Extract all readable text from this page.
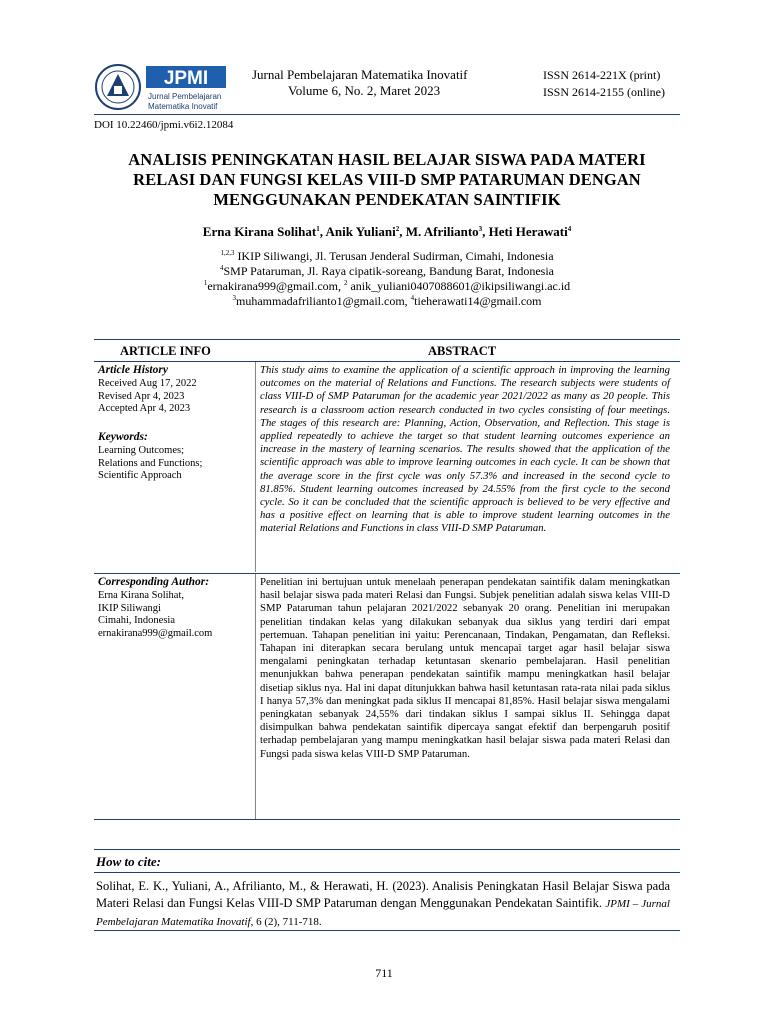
JPMI
Jurnal Pembelajaran
Matematika Inovatif
Jurnal Pembelajaran Matematika Inovatif
Volume 6, No. 2, Maret 2023
ISSN 2614-221X (print)
ISSN 2614-2155 (online)
DOI 10.22460/jpmi.v6i2.12084
ANALISIS PENINGKATAN HASIL BELAJAR SISWA PADA MATERI
RELASI DAN FUNGSI KELAS VIII-D SMP PATARUMAN DENGAN
MENGGUNAKAN PENDEKATAN SAINTIFIK
Erna Kirana Solihat$^1$, Anik Yuliani$^2$, M. Afrilianto$^3$, Heti Herawati$^4$
$^{1,2,3}$ IKIP Siliwangi, Jl. Terusan Jenderal Sudirman, Cimahi, Indonesia
$^4$SMP Pataruman, Jl. Raya cipatik-soreang, Bandung Barat, Indonesia
$^1$ernakirana999@gmail.com, $^2$ anik_yuliani0407088601@ikipsiliwangi.ac.id
$^3$muhammadafrilianto1@gmail.com, $^4$tieherawati14@gmail.com
ARTICLE INFO	ABSTRACT
Article History
Received Aug 17, 2022
Revised Apr 4, 2023
Accepted Apr 4, 2023
Keywords:
Learning Outcomes;
Relations and Functions;
Scientific Approach
Corresponding Author:
Erna Kirana Solihat,
IKIP Siliwangi
Cimahi, Indonesia
ernakirana999@gmail.com
This study aims to examine the application of a scientific approach in improving the learning outcomes on the material of Relations and Functions. The research subjects were students of class VIII-D of SMP Pataruman for the academic year 2021/2022 as many as 20 people. This research is a classroom action research conducted in two cycles consisting of four meetings. The stages of this research are: Planning, Action, Observation, and Reflection. This stage is applied repeatedly to achieve the target so that student learning outcomes experience an increase in the mastery of learning scenarios. The results showed that the application of the scientific approach was able to improve learning outcomes in each cycle. It can be shown that the average score in the first cycle was only 57.3% and increased in the second cycle to 81.85%. Student learning outcomes increased by 24.55% from the first cycle to the second cycle. So it can be concluded that the scientific approach is believed to be very effective and has a positive effect on learning that is able to improve student learning outcomes in the material Relations and Functions in class VIII-D SMP Pataruman.
Penelitian ini bertujuan untuk menelaah penerapan pendekatan saintifik dalam meningkatkan hasil belajar siswa pada materi Relasi dan Fungsi. Subjek penelitian adalah siswa kelas VIII-D SMP Pataruman tahun pelajaran 2021/2022 sebanyak 20 orang. Penelitian ini merupakan penelitian tindakan kelas yang dilakukan sebanyak dua siklus yang terdiri dari empat pertemuan. Tahapan penelitian ini yaitu: Perencanaan, Tindakan, Pengamatan, dan Refleksi. Tahapan ini diterapkan secara berulang untuk mencapai target agar hasil belajar siswa mengalami peningkatan terhadap ketuntasan skenario pembelajaran. Hasil penelitian menunjukkan bahwa penerapan pendekatan saintifik mampu meningkatkan hasil belajar disetiap siklus nya. Hal ini dapat ditunjukkan bahwa hasil ketuntasan rata-rata nilai pada siklus I hanya 57,3% dan meningkat pada siklus II mencapai 81,85%. Hasil belajar siswa mengalami peningkatan sebanyak 24,55% dari tindakan siklus I sampai siklus II. Sehingga dapat disimpulkan bahwa pendekatan saintifik dipercaya sangat efektif dan berpengaruh positif terhadap pembelajaran yang mampu meningkatkan hasil belajar siswa pada materi Relasi dan Fungsi pada siswa kelas VIII-D SMP Pataruman.
How to cite:
Solihat, E. K., Yuliani, A., Afrilianto, M., & Herawati, H. (2023). Analisis Peningkatan Hasil Belajar Siswa pada Materi Relasi dan Fungsi Kelas VIII-D SMP Pataruman dengan Menggunakan Pendekatan Saintifik. JPMI – Jurnal Pembelajaran Matematika Inovatif, 6 (2), 711-718.
711
